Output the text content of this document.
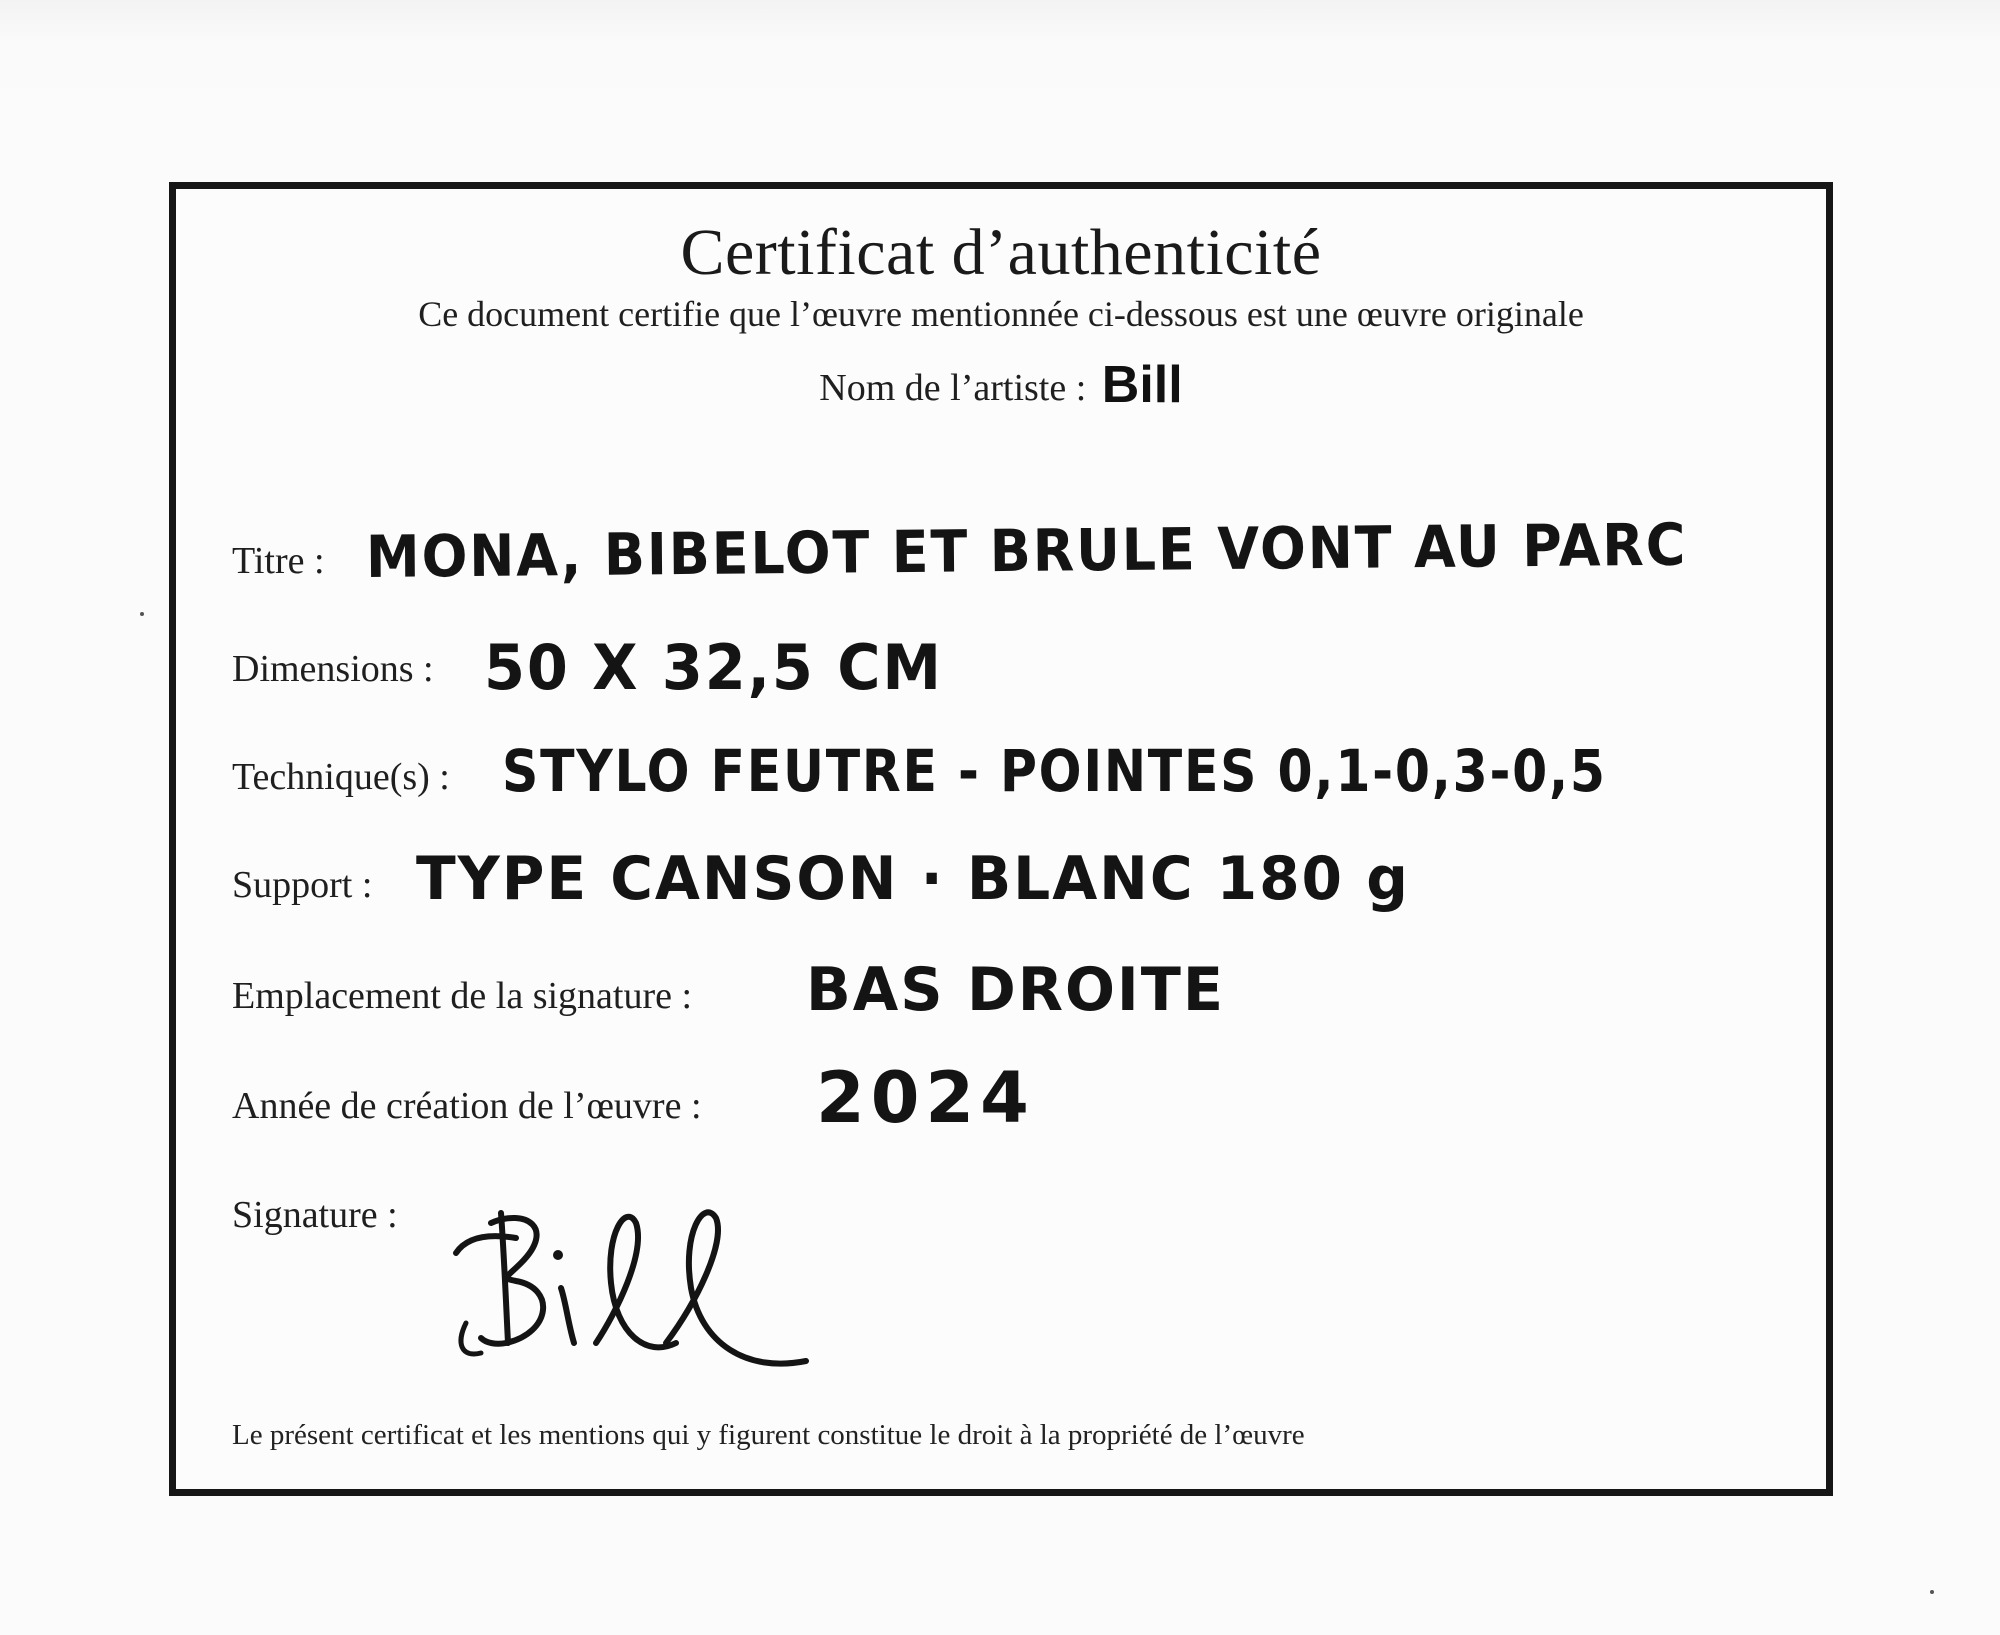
Certificat d’authenticité
Ce document certifie que l’œuvre mentionnée ci-dessous est une œuvre originale
Nom de l’artiste : Bill
Titre : MONA, BIBELOT ET BRULE VONT AU PARC
Dimensions : 50 X 32,5 CM
Technique(s) : STYLO FEUTRE - POINTES 0,1-0,3-0,5
Support : TYPE CANSON · BLANC 180 g
Emplacement de la signature : BAS DROITE
Année de création de l’œuvre : 2024
Signature :
Le présent certificat et les mentions qui y figurent constitue le droit à la propriété de l’œuvre
